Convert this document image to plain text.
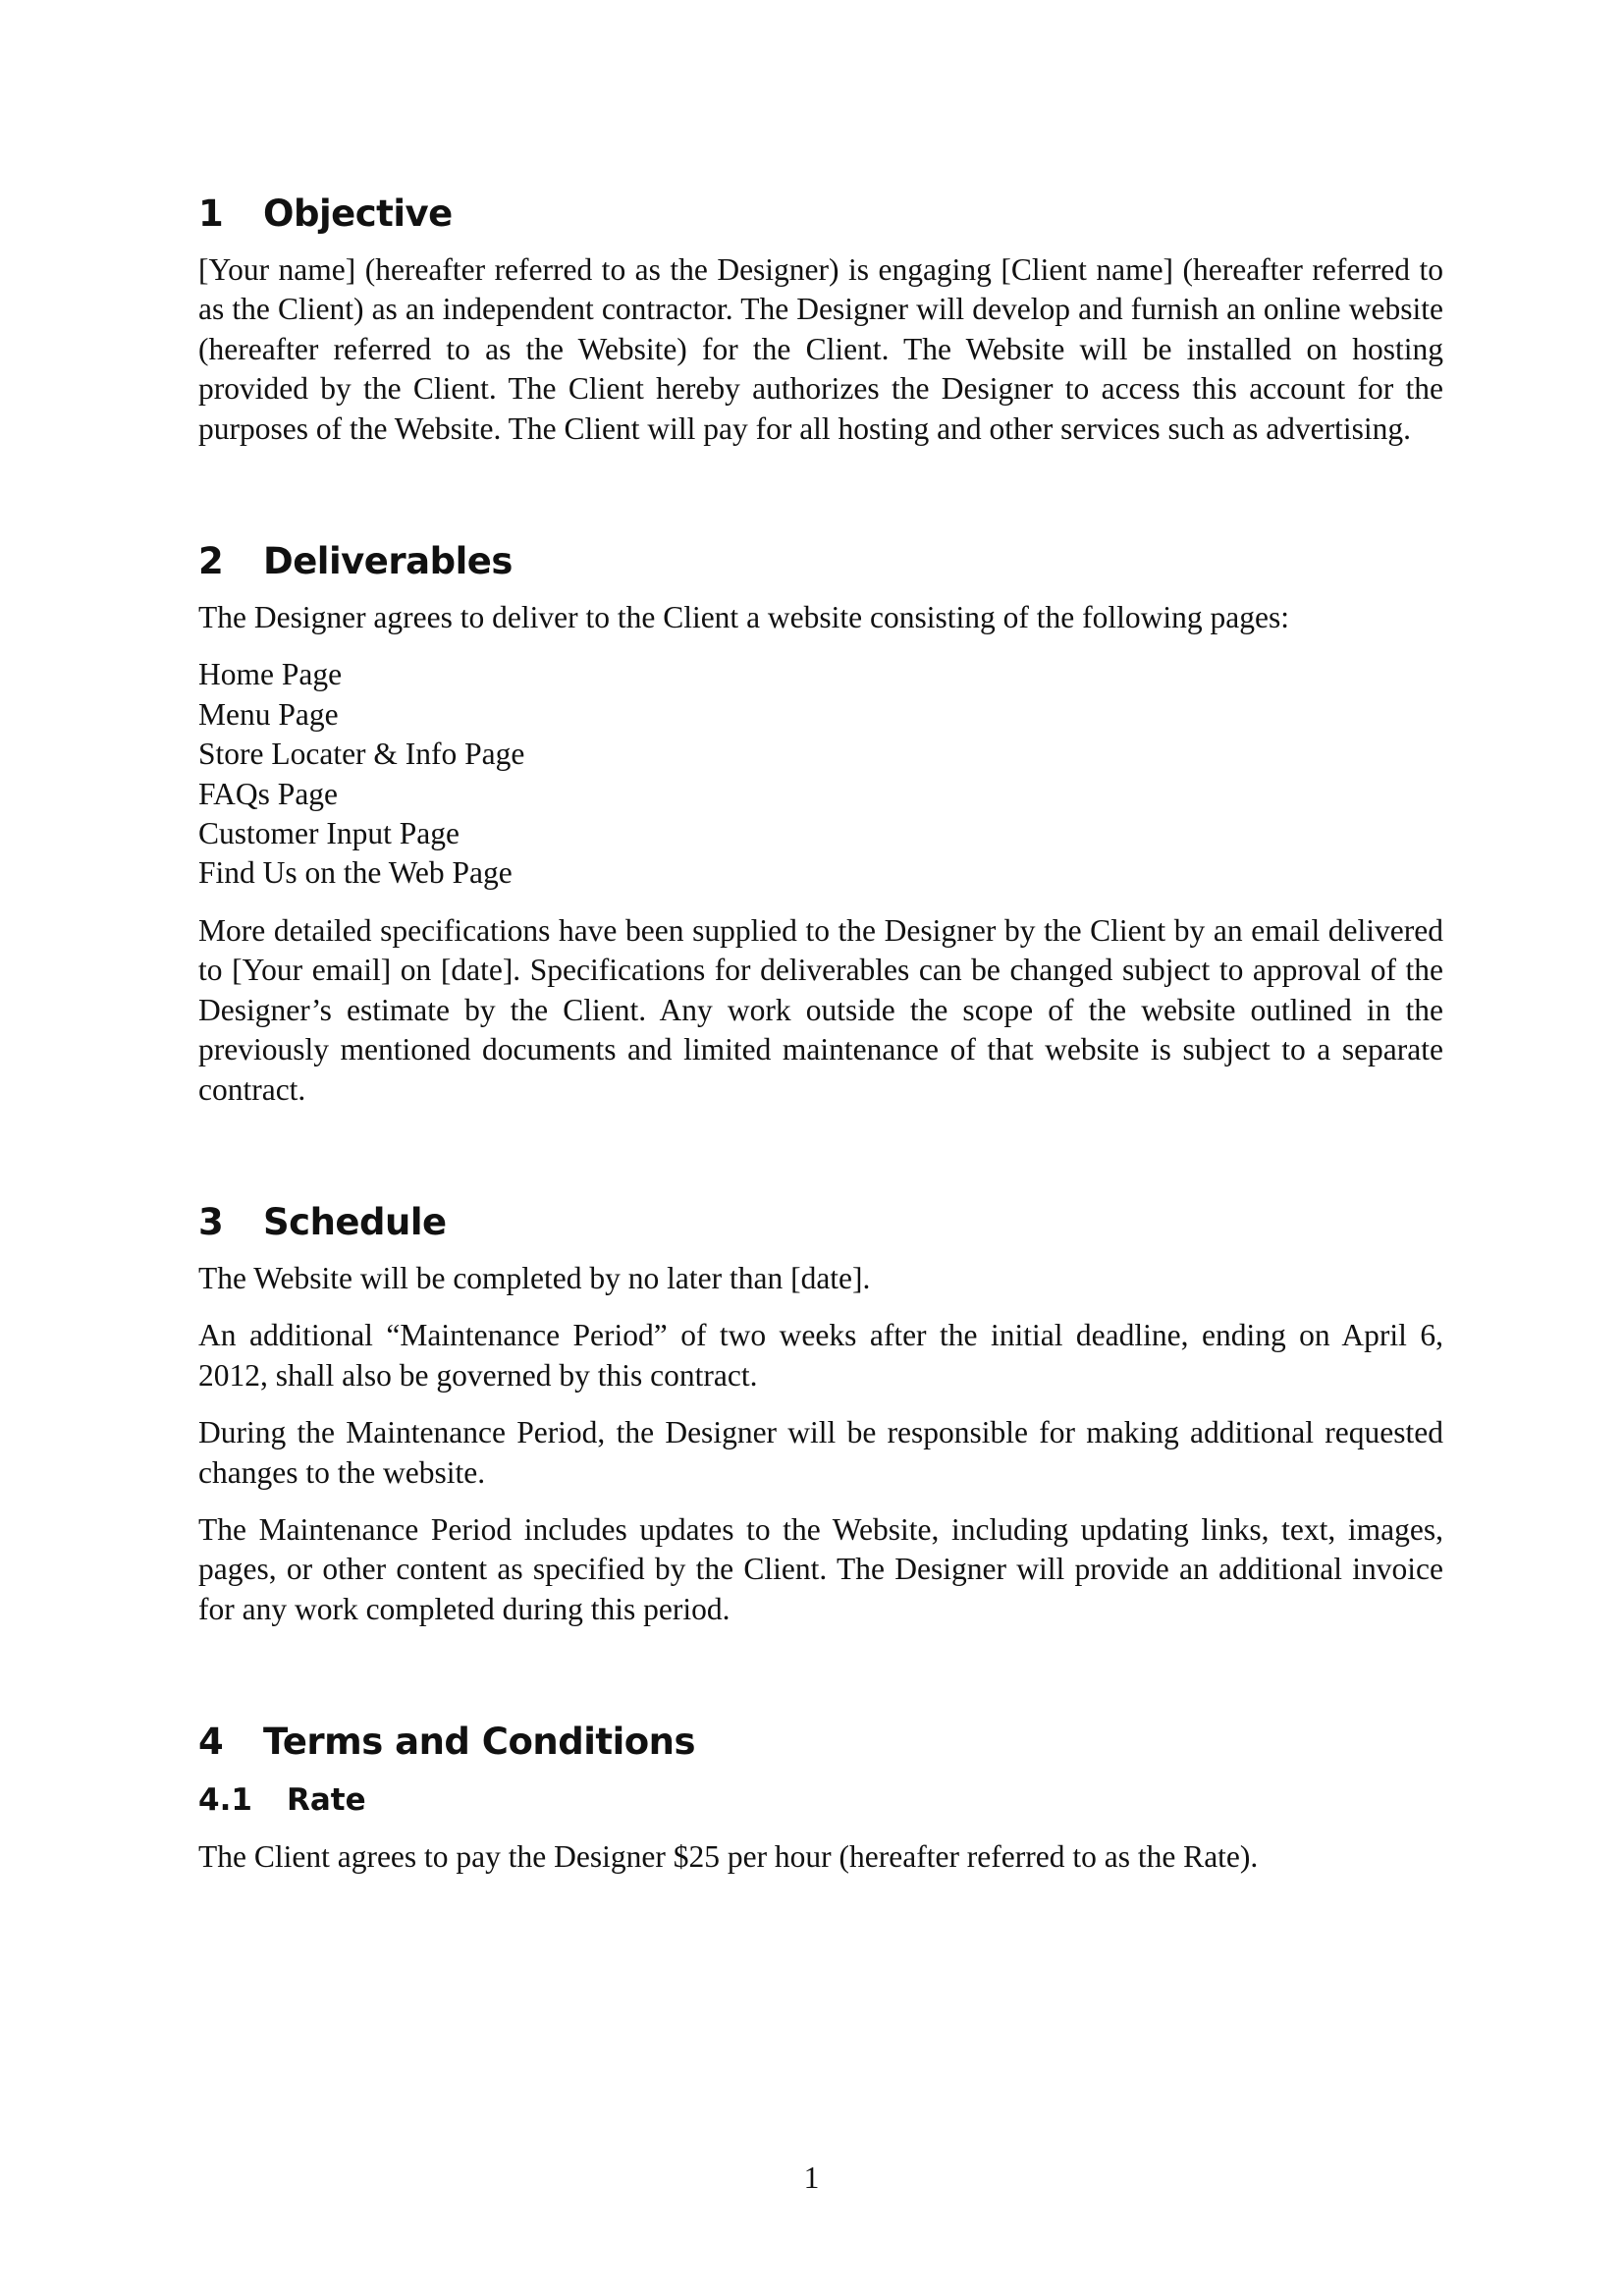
1	Objective

[Your name] (hereafter referred to as the Designer) is engaging [Client name] (hereafter referred to as the Client) as an independent contractor. The Designer will develop and furnish an online website (hereafter referred to as the Website) for the Client. The Website will be installed on hosting provided by the Client. The Client hereby authorizes the Designer to access this account for the purposes of the Website. The Client will pay for all hosting and other services such as advertising.

2	Deliverables

The Designer agrees to deliver to the Client a website consisting of the following pages:

Home Page
Menu Page
Store Locater & Info Page
FAQs Page
Customer Input Page
Find Us on the Web Page

More detailed specifications have been supplied to the Designer by the Client by an email delivered to [Your email] on [date]. Specifications for deliverables can be changed subject to approval of the Designer’s estimate by the Client. Any work outside the scope of the website outlined in the previously mentioned documents and limited maintenance of that website is subject to a separate contract.

3	Schedule

The Website will be completed by no later than [date].

An additional “Maintenance Period” of two weeks after the initial deadline, ending on April 6, 2012, shall also be governed by this contract.

During the Maintenance Period, the Designer will be responsible for making additional requested changes to the website.

The Maintenance Period includes updates to the Website, including updating links, text, images, pages, or other content as specified by the Client. The Designer will provide an additional invoice for any work completed during this period.

4	Terms and Conditions
4.1	Rate

The Client agrees to pay the Designer $25 per hour (hereafter referred to as the Rate).

1
